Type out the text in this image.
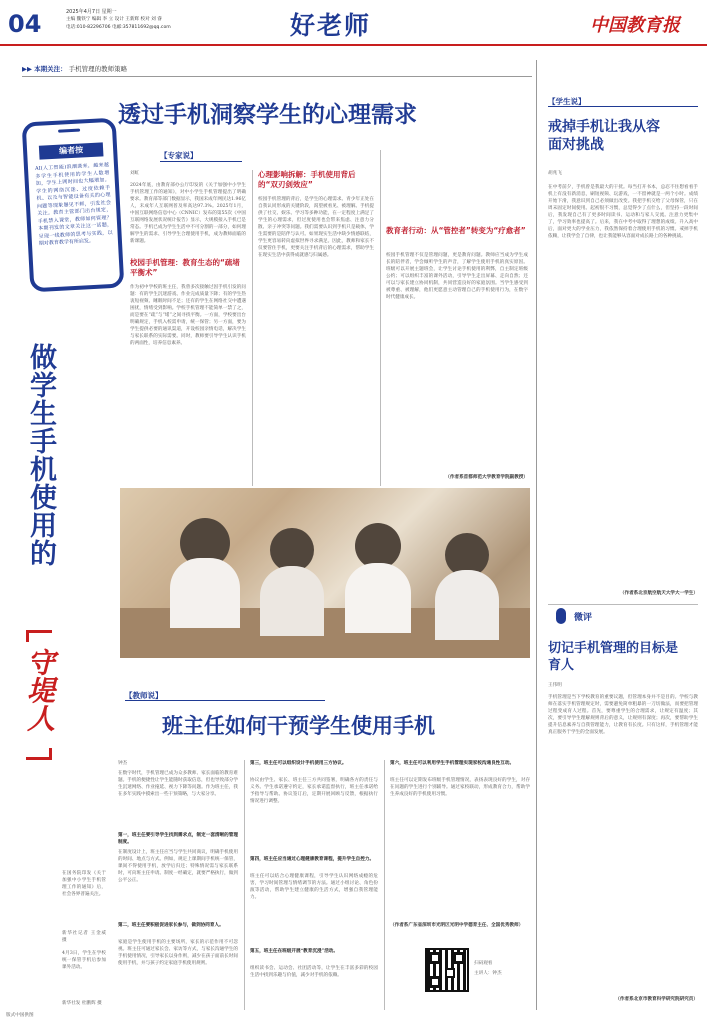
04	2025年4月7日 星期一
主编 魏铁宁 编辑 李 立 设计 王新辉 校对 刘 睿
电话:010-82296706 电邮:357811692@qq.com	好老师	中国教育报
▶▶ 本期关注： 手机管理的教师策略
编者按
AI(人工智能)浪潮袭来，越来越多学生手机使用的学生人数增加，学生上网时间也大幅增加。学生的网络沉迷、过度依赖手机、以及与智能设备有关的心理问题等现象屡见不鲜，引发社会关注。教育主管部门出台规定，手机禁入课堂，教师如何管理？本期刊发的文章关注这一话题，呈现一线教师的思考与实践，以期对教育教学有所启发。
做学生手机使用的
守堤人
在国务院印发《关于加强中小学生手机管理工作的通知》后，社会各界普遍关注。
新华社记者 王金威 摄
4月3日，学生在学校统一保管手机后参加课外活动。
新华社发 杜鹏辉 摄
透过手机洞察学生的心理需求
【专家说】
刘虹
2024年底，由教育部办公厅印发的《关于加强中小学生手机管理工作的通知》，对中小学生手机管理提出了明确要求。教育部等部门数据显示，我国未成年网民达1.96亿人，未成年人互联网普及率高达97.3%。2025年1月，中国互联网络信息中心（CNNIC）发布的第55次《中国互联网络发展状况统计报告》显示，大规模接入手机已是常态。手机已成为学生生活中不可分割的一部分，如何理解学生的需求、引导学生合理使用手机，成为教师面临的新课题。
校园手机管理：教育生态的“疏堵平衡术”
作为初中学校的班主任，我曾多次接触过因手机引发的问题：有的学生沉迷游戏、作业完成质量下降；有的学生热衷短视频、睡眠时间不足；还有的学生在网络社交中遭遇困扰，情绪受到影响。学校手机管理不能简单一禁了之，而是要在“疏”与“堵”之间寻找平衡。一方面，学校要出台明确规定，手机入校需申请，统一保管；另一方面，要为学生提供必要的通讯渠道，开设校园亲情电话，解决学生与家长联系的实际需要。同时，教师要引导学生认识手机的两面性，培养信息素养。
心理影响拆解：手机使用背后的“双刃剑效应”
校园手机管理的背后，是学生的心理需求。青少年正处在自我认同形成的关键阶段，渴望被看见、被理解。手机提供了社交、娱乐、学习等多种功能，在一定程度上满足了学生的心理需求，但过度使用也会带来焦虑、注意力分散、亲子冲突等问题。我们需要认识到手机只是载体，学生需要的是陪伴与认可。如果现实生活中缺少情感联结，学生更容易转向虚拟世界寻求满足。因此，教师和家长不仅要管住手机，更要关注手机背后的心理需求，帮助学生在现实生活中获得成就感与归属感。
教育者行动：从“管控者”转变为“疗愈者”
校园手机管理不仅是管理问题，更是教育问题。教师应当成为学生成长的陪伴者，学会倾听学生的声音，了解学生使用手机的真实原因。班级可以开展主题班会，让学生讨论手机使用的利弊，自主制定班级公约；可以组织丰富的课外活动，引导学生走出屏幕、走向自然；还可以与家长建立协同机制，共同营造良好的家庭氛围。当学生感受到被尊重、被理解，他们更愿意主动管理自己的手机使用行为，在数字时代健康成长。
（作者系首都师范大学教育学院副教授）
【教师说】
班主任如何干预学生使用手机
钟杰
在数字时代，手机管理已成为众多教师、家长面临的教育难题。手机的便捷性让学生能随时获取信息，但也导致部分学生沉迷网络、作业拖延、视力下降等问题。作为班主任，我在多年实践中摸索出一些干预策略，与大家分享。
第一，班主任要引导学生找到需求点，制定一套清晰的管理制度。
在制度设计上，班主任应当与学生共同商议，明确手机使用的时间、地点与方式。例如，规定上课期间手机统一保管，课间不得使用手机，放学后归还；特殊情况需与家长联系时，可向班主任申请。制度一经确定，就要严格执行，做到公平公正。
第二，班主任要积极促进家长参与，做到协同育人。
家庭是学生使用手机的主要场所，家长的示范作用不可忽视。班主任可通过家长会、家访等方式，与家长沟通学生的手机使用情况，引导家长以身作则，减少在孩子面前长时间使用手机，并与孩子约定家庭手机使用规则。
第三，班主任可以组织设计手机使用三方协议。
协议由学生、家长、班主任三方共同签署，明确各方的责任与义务。学生承诺遵守约定，家长承诺监督执行，班主任承诺给予指导与帮助。协议签订后，定期开展回顾与反馈，根据执行情况进行调整。
第四，班主任应当通过心理健康教育课程，提升学生自控力。
班主任可以结合心理健康课程，引导学生认识网络成瘾的危害，学习时间管理与情绪调节的方法。通过小组讨论、角色扮演等活动，帮助学生建立健康的生活方式，增强自我管理能力。
第五，班主任在班级开展“教育沉浸”活动。
组织读书会、运动会、社团活动等，让学生在丰富多彩的校园生活中找到乐趣与价值，减少对手机的依赖。
第六，班主任可以利用学生手机管理实现家校沟通良性互动。
班主任可以定期发布班级手机管理情况，表扬表现良好的学生，对存在问题的学生进行个别辅导。通过家校联动，形成教育合力，帮助学生养成良好的手机使用习惯。
（作者系广东省深圳市光明区光明中学德育主任、全国优秀教师）
扫码观看
主讲人：钟杰
【学生说】
戒掉手机让我从容面对挑战
胡兆飞
在中考前夕，手机曾是我最大的干扰。每当打开书本，总忍不住想看看手机上有没有新消息，刷短视频、玩游戏，一不留神就是一两个小时。成绩开始下滑，我意识到自己必须做出改变。我把手机交给了父母保管，只在周末固定时间使用。起初很不习惯，总觉得少了点什么，但坚持一段时间后，我发现自己有了更多时间读书、运动和与家人交流。注意力更集中了，学习效率也提高了。后来，我在中考中取得了理想的成绩。升入高中后，面对更大的学业压力，我依然保持着合理使用手机的习惯。戒掉手机依赖，让我学会了自律，也让我能够从容面对成长路上的各种挑战。
（作者系北京航空航天大学大一学生）
微评
切记手机管理的目标是育人
王伟明
手机管理是当下学校教育的重要议题，但管理本身并不是目的。学校与教师在落实手机管理规定时，需要避免简单粗暴的一刀切做法，而要把管理过程变成育人过程。首先，要尊重学生的合理需求，让规定有温度；其次，要引导学生理解规则背后的意义，让规则有深度；再次，要帮助学生提升信息素养与自我管理能力，让教育有长度。只有这样，手机管理才能真正服务于学生的全面发展。
（作者系北京市教育科学研究院研究员）
版式中国供图
